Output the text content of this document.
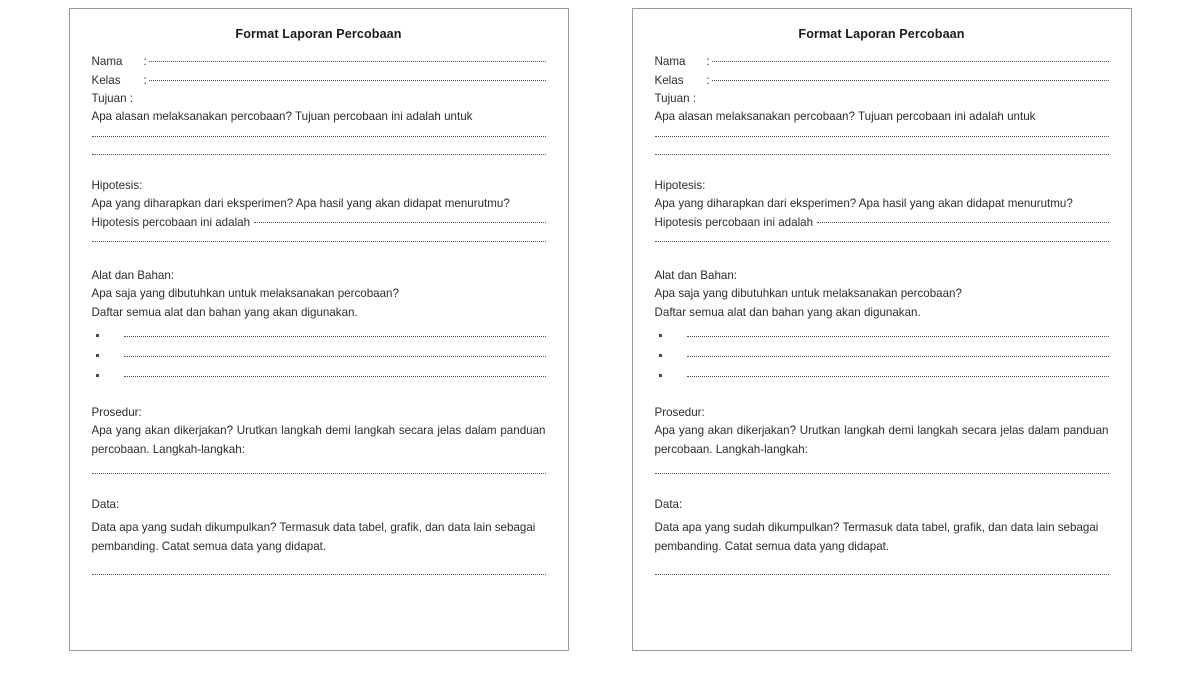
Format Laporan Percobaan
Nama	:
Kelas	:

Tujuan :

Apa alasan melaksanakan percobaan? Tujuan percobaan ini adalah untuk

Hipotesis:

Apa yang diharapkan dari eksperimen? Apa hasil yang akan didapat menurutmu?

Hipotesis percobaan ini adalah

Alat dan Bahan:

Apa saja yang dibutuhkan untuk melaksanakan percobaan?

Daftar semua alat dan bahan yang akan digunakan.

Prosedur:

Apa yang akan dikerjakan? Urutkan langkah demi langkah secara jelas dalam panduan percobaan. Langkah-langkah:

Data:

Data apa yang sudah dikumpulkan? Termasuk data tabel, grafik, dan data lain sebagai pembanding. Catat semua data yang didapat.

Format Laporan Percobaan
Nama	:
Kelas	:

Tujuan :

Apa alasan melaksanakan percobaan? Tujuan percobaan ini adalah untuk

Hipotesis:

Apa yang diharapkan dari eksperimen? Apa hasil yang akan didapat menurutmu?

Hipotesis percobaan ini adalah

Alat dan Bahan:

Apa saja yang dibutuhkan untuk melaksanakan percobaan?

Daftar semua alat dan bahan yang akan digunakan.

Prosedur:

Apa yang akan dikerjakan? Urutkan langkah demi langkah secara jelas dalam panduan percobaan. Langkah-langkah:

Data:

Data apa yang sudah dikumpulkan? Termasuk data tabel, grafik, dan data lain sebagai pembanding. Catat semua data yang didapat.
